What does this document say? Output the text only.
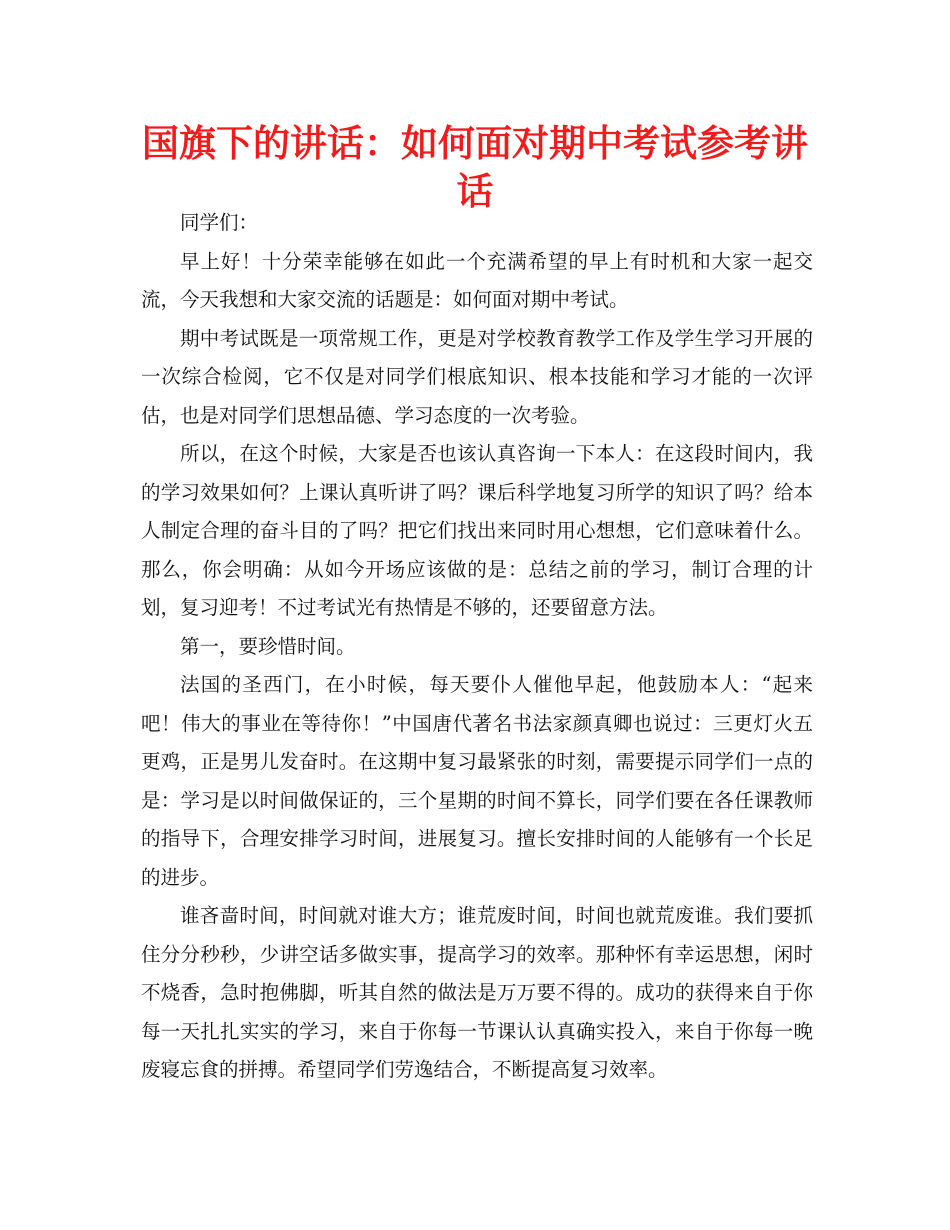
国旗下的讲话：如何面对期中考试参考讲话

同学们：

早上好！十分荣幸能够在如此一个充满希望的早上有时机和大家一起交流，今天我想和大家交流的话题是：如何面对期中考试。

期中考试既是一项常规工作，更是对学校教育教学工作及学生学习开展的一次综合检阅，它不仅是对同学们根底知识、根本技能和学习才能的一次评估，也是对同学们思想品德、学习态度的一次考验。

所以，在这个时候，大家是否也该认真咨询一下本人：在这段时间内，我的学习效果如何？上课认真听讲了吗？课后科学地复习所学的知识了吗？给本人制定合理的奋斗目的了吗？把它们找出来同时用心想想，它们意味着什么。那么，你会明确：从如今开场应该做的是：总结之前的学习，制订合理的计划，复习迎考！不过考试光有热情是不够的，还要留意方法。

第一，要珍惜时间。

法国的圣西门，在小时候，每天要仆人催他早起，他鼓励本人：“起来吧！伟大的事业在等待你！”中国唐代著名书法家颜真卿也说过：三更灯火五更鸡，正是男儿发奋时。在这期中复习最紧张的时刻，需要提示同学们一点的是：学习是以时间做保证的，三个星期的时间不算长，同学们要在各任课教师的指导下，合理安排学习时间，进展复习。擅长安排时间的人能够有一个长足的进步。

谁吝啬时间，时间就对谁大方；谁荒废时间，时间也就荒废谁。我们要抓住分分秒秒，少讲空话多做实事，提高学习的效率。那种怀有幸运思想，闲时不烧香，急时抱佛脚，听其自然的做法是万万要不得的。成功的获得来自于你每一天扎扎实实的学习，来自于你每一节课认认真确实投入，来自于你每一晚废寝忘食的拼搏。希望同学们劳逸结合，不断提高复习效率。
